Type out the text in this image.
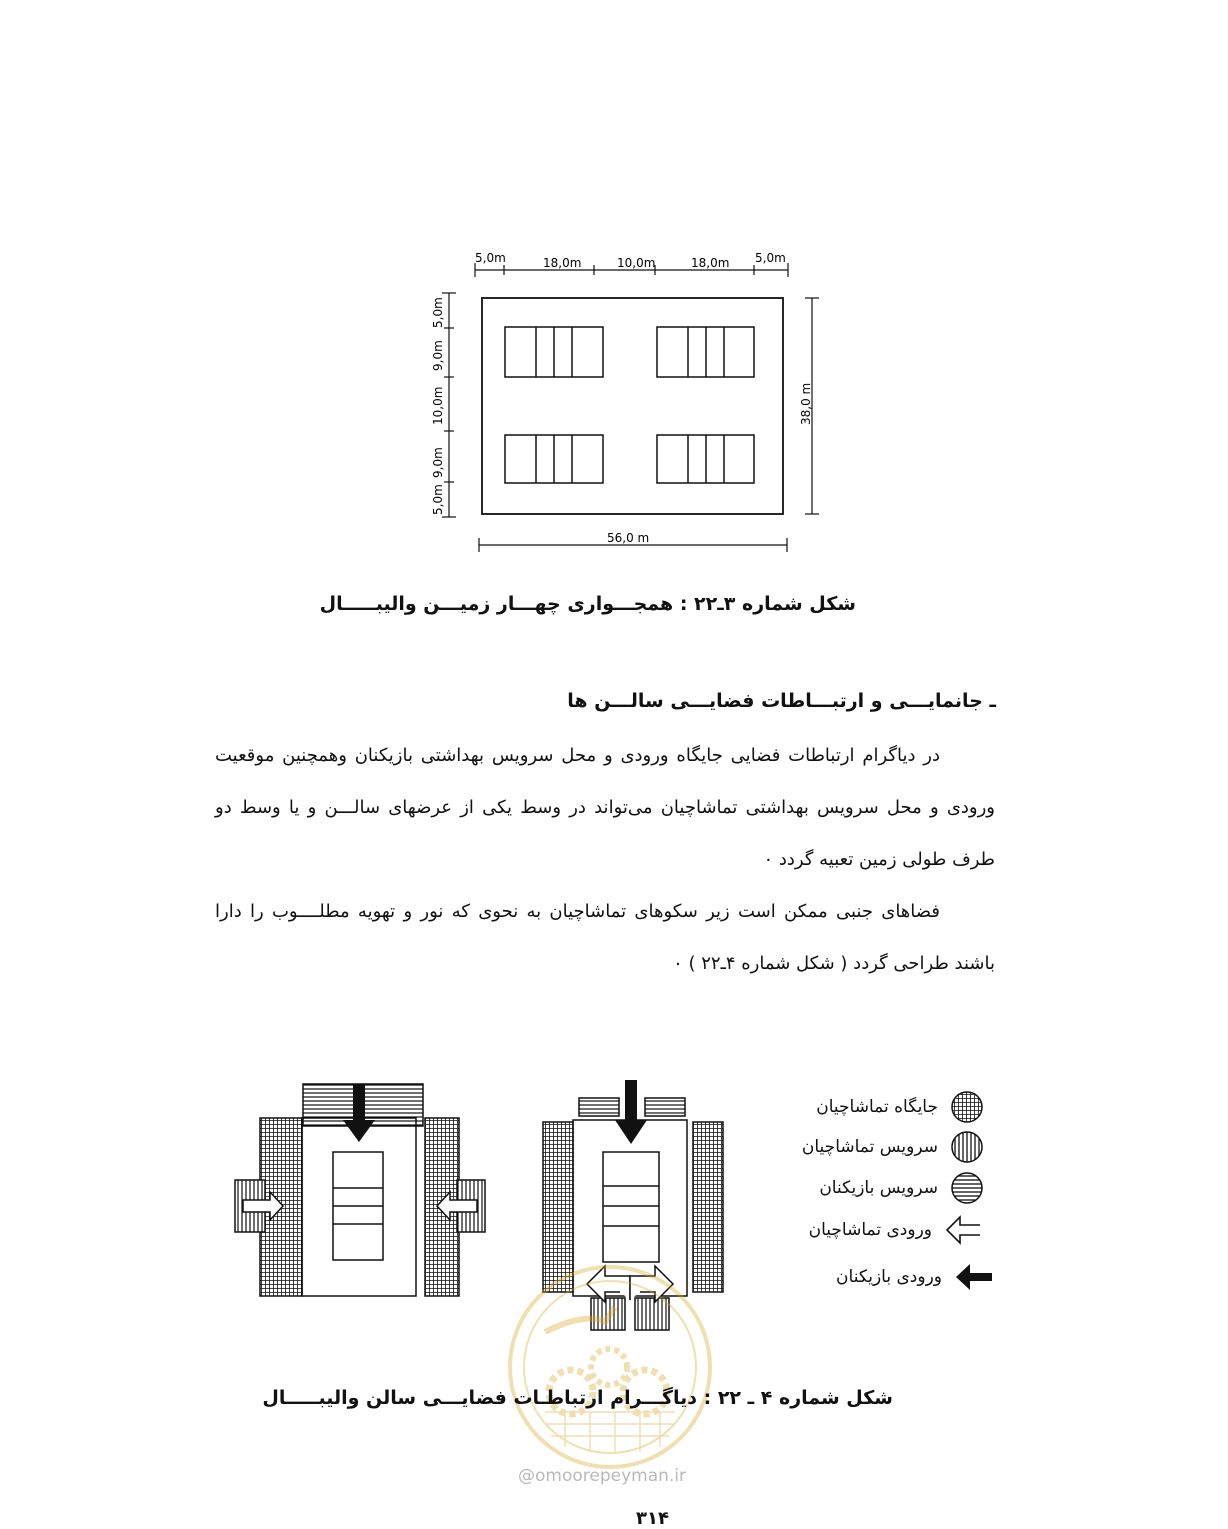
5,0m	18,0m	10,0m	18,0m 5,0m
5,0m
9,0m
10,0m
9,0m
5,0m
38,0 m
56,0 m
شکل شماره ۳ـ۲۲ : همجـــواری چهـــار زمیـــن والیبـــــال
ـ جانمایـــی و ارتبـــاطات فضایـــی سالـــن ها

در دیاگرام ارتباطات فضایی جایگاه ورودی و محل سرویس بهداشتی بازیکنان وهمچنین موقعیت ورودی و محل سرویس بهداشتی تماشاچیان می‌تواند در وسط یکی از عرضهای سالـــن و یا وسط دو طرف طولی زمین تعبیه گردد ۰

فضاهای جنبی ممکن است زیر سکوهای تماشاچیان به نحوی که نور و تهویه مطلــــوب را دارا باشند طراحی گردد ( شکل شماره ۴ـ۲۲ ) ۰

جایگاه تماشاچیان
سرویس تماشاچیان
سرویس بازیکنان
ورودی تماشاچیان
ورودی بازیکنان
شکل شماره ۴ ـ ۲۲ : دیاگـــرام ارتباطـات فضایـــی سالن والیبـــــال
@omoorepeyman.ir
۳۱۴
